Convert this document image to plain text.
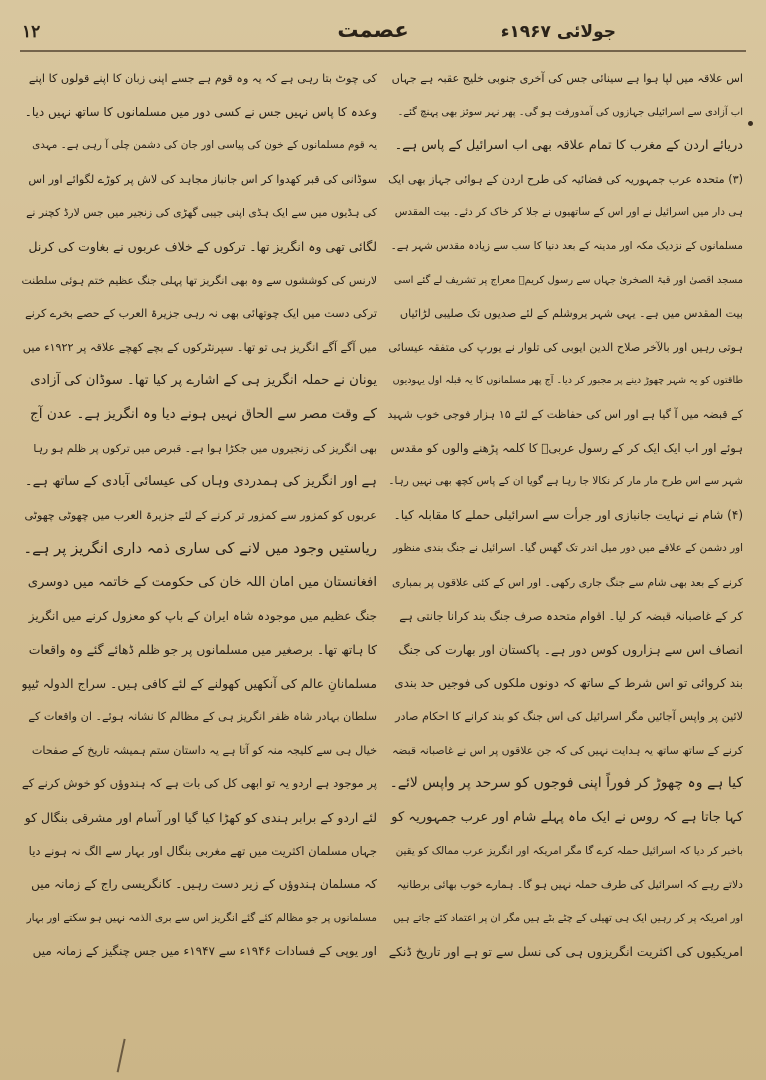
۱۲	عصمت	جولائی ۱۹۶۷ء
اس علاقہ میں لپا ہوا ہے سینائی جس کی آخری جنوبی خلیج عقبہ ہے جہاں
اب آزادی سے اسرائیلی جہازوں کی آمدورفت ہو گی۔ پھر نہر سوئز بھی پہنچ گئے۔
دریائے اردن کے مغرب کا تمام علاقہ بھی اب اسرائیل کے پاس ہے۔
(۳) متحدہ عرب جمہوریہ کی فضائیہ کی طرح اردن کے ہوائی جہاز بھی ایک
ہی دار میں اسرائیل نے اور اس کے ساتھیوں نے جلا کر خاک کر دئے۔ بیت المقدس
مسلمانوں کے نزدیک مکہ اور مدینہ کے بعد دنیا کا سب سے زیادہ مقدس شہر ہے۔
مسجد اقصیٰ اور قبۃ الصخریٰ جہاں سے رسول کریمؐ معراج پر تشریف لے گئے اسی
بیت المقدس میں ہے۔ یہی شہر یروشلم کے لئے صدیوں تک صلیبی لڑائیاں
ہوتی رہیں اور بالآخر صلاح الدین ایوبی کی تلوار نے یورپ کی متفقہ عیسائی
طاقتوں کو یہ شہر چھوڑ دینے پر مجبور کر دیا۔ آج پھر مسلمانوں کا یہ قبلہ اول یہودیوں
کے قبضہ میں آ گیا ہے اور اس کی حفاظت کے لئے ۱۵ ہزار فوجی خوب شہید
ہوئے اور اب ایک ایک کر کے رسول عربیؐ کا کلمہ پڑھنے والوں کو مقدس
شہر سے اس طرح مار مار کر نکالا جا رہا ہے گویا ان کے پاس کچھ بھی نہیں رہا۔
(۴) شام نے نہایت جانبازی اور جرأت سے اسرائیلی حملے کا مقابلہ کیا۔
اور دشمن کے علاقے میں دور میل اندر تک گھس گیا۔ اسرائیل نے جنگ بندی منظور
کرنے کے بعد بھی شام سے جنگ جاری رکھی۔ اور اس کے کئی علاقوں پر بمباری
کر کے غاصبانہ قبضہ کر لیا۔ اقوام متحدہ صرف جنگ بند کرانا جانتی ہے
انصاف اس سے ہزاروں کوس دور ہے۔ پاکستان اور بھارت کی جنگ
بند کروائی تو اس شرط کے ساتھ کہ دونوں ملکوں کی فوجیں حد بندی
لائین پر واپس آجائیں مگر اسرائیل کی اس جنگ کو بند کرانے کا احکام صادر
کرنے کے ساتھ ساتھ یہ ہدایت نہیں کی کہ جن علاقوں پر اس نے غاصبانہ قبضہ
کیا ہے وہ چھوڑ کر فوراً اپنی فوجوں کو سرحد پر واپس لائے۔
کہا جاتا ہے کہ روس نے ایک ماہ پہلے شام اور عرب جمہوریہ کو
باخبر کر دیا کہ اسرائیل حملہ کرے گا مگر امریکہ اور انگریز عرب ممالک کو یقین
دلاتے رہے کہ اسرائیل کی طرف حملہ نہیں ہو گا۔ ہمارے خوب بھائی برطانیہ
اور امریکہ پر کر رہیں ایک ہی تھیلی کے چٹے بٹے ہیں مگر ان پر اعتماد کئے جاتے ہیں
امریکیوں کی اکثریت انگریزوں ہی کی نسل سے تو ہے اور تاریخ ڈنکے
کی چوٹ بتا رہی ہے کہ یہ وہ قوم ہے جسے اپنی زبان کا اپنے قولوں کا اپنے
وعدہ کا پاس نہیں جس نے کسی دور میں مسلمانوں کا ساتھ نہیں دیا۔
یہ قوم مسلمانوں کے خون کی پیاسی اور جان کی دشمن چلی آ رہی ہے۔ مہدی
سوڈانی کی قبر کھدوا کر اس جانباز مجاہد کی لاش پر کوڑے لگوائے اور اس
کی ہڈیوں میں سے ایک ہڈی اپنی جیبی گھڑی کی زنجیر میں جس لارڈ کچنر نے
لگائی تھی وہ انگریز تھا۔ ترکوں کے خلاف عربوں نے بغاوت کی کرنل
لارنس کی کوششوں سے وہ بھی انگریز تھا پہلی جنگ عظیم ختم ہوئی سلطنت
ترکی دست میں ایک چوتھائی بھی نہ رہی جزیرۃ العرب کے حصے بخرے کرنے
میں آگے آگے انگریز ہی تو تھا۔ سپرنٹرکوں کے بچے کھچے علاقہ پر ۱۹۲۲ء میں
یونان نے حملہ انگریز ہی کے اشارے پر کیا تھا۔ سوڈان کی آزادی
کے وقت مصر سے الحاق نہیں ہونے دیا وہ انگریز ہے۔ عدن آج
بھی انگریز کی زنجیروں میں جکڑا ہوا ہے۔ قبرص میں ترکوں پر ظلم ہو رہا
ہے اور انگریز کی ہمدردی وہاں کی عیسائی آبادی کے ساتھ ہے۔
عربوں کو کمزور سے کمزور تر کرنے کے لئے جزیرۃ العرب میں چھوٹی چھوٹی
ریاستیں وجود میں لانے کی ساری ذمہ داری انگریز پر ہے۔
افغانستان میں امان اللہ خان کی حکومت کے خاتمہ میں دوسری
جنگ عظیم میں موجودہ شاہ ایران کے باپ کو معزول کرنے میں انگریز
کا ہاتھ تھا۔ برصغیر میں مسلمانوں پر جو ظلم ڈھائے گئے وہ واقعات
مسلمانانِ عالم کی آنکھیں کھولنے کے لئے کافی ہیں۔ سراج الدولہ ٹیپو
سلطان بہادر شاہ ظفر انگریز ہی کے مظالم کا نشانہ ہوئے۔ ان واقعات کے
خیال ہی سے کلیجہ منہ کو آتا ہے یہ داستان ستم ہمیشہ تاریخ کے صفحات
پر موجود ہے اردو یہ تو ابھی کل کی بات ہے کہ ہندوؤں کو خوش کرنے کے
لئے اردو کے برابر ہندی کو کھڑا کیا گیا اور آسام اور مشرقی بنگال کو
جہاں مسلمان اکثریت میں تھے مغربی بنگال اور بہار سے الگ نہ ہونے دیا
کہ مسلمان ہندوؤں کے زیر دست رہیں۔ کانگریسی راج کے زمانہ میں
مسلمانوں پر جو مظالم کئے گئے انگریز اس سے بری الذمہ نہیں ہو سکتے اور بہار
اور یوپی کے فسادات ۱۹۴۶ء سے ۱۹۴۷ء میں جس چنگیز کے زمانہ میں
